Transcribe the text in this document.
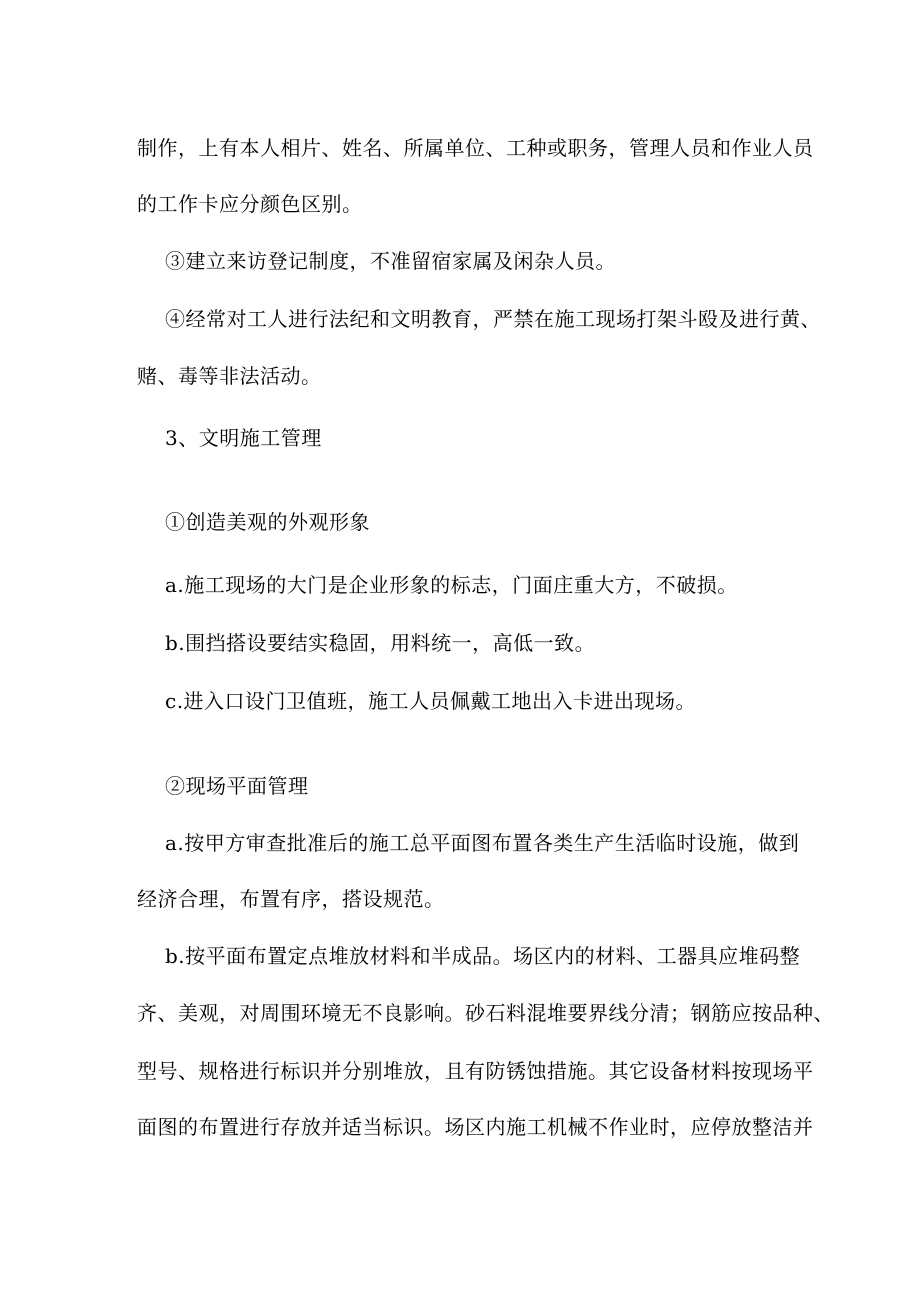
制作，上有本人相片、姓名、所属单位、工种或职务，管理人员和作业人员
的工作卡应分颜色区别。
③建立来访登记制度，不准留宿家属及闲杂人员。
④经常对工人进行法纪和文明教育，严禁在施工现场打架斗殴及进行黄、
赌、毒等非法活动。
3、文明施工管理
①创造美观的外观形象
a.施工现场的大门是企业形象的标志，门面庄重大方，不破损。
b.围挡搭设要结实稳固，用料统一，高低一致。
c.进入口设门卫值班，施工人员佩戴工地出入卡进出现场。
②现场平面管理
a.按甲方审查批准后的施工总平面图布置各类生产生活临时设施，做到
经济合理，布置有序，搭设规范。
b.按平面布置定点堆放材料和半成品。场区内的材料、工器具应堆码整
齐、美观，对周围环境无不良影响。砂石料混堆要界线分清；钢筋应按品种、
型号、规格进行标识并分别堆放，且有防锈蚀措施。其它设备材料按现场平
面图的布置进行存放并适当标识。场区内施工机械不作业时，应停放整洁并
